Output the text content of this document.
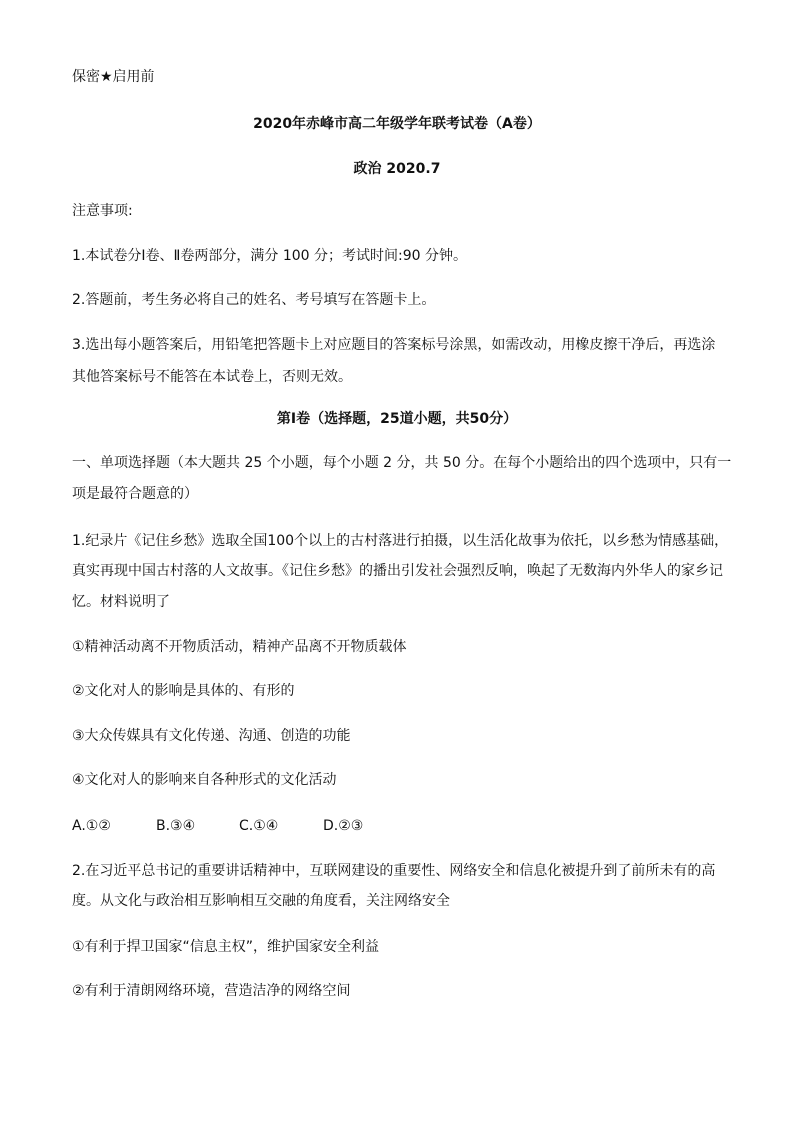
保密★启用前
2020年赤峰市高二年级学年联考试卷（A卷）
政治 2020.7
注意事项:
1.本试卷分Ⅰ卷、Ⅱ卷两部分，满分 100 分；考试时间:90 分钟。
2.答题前，考生务必将自己的姓名、考号填写在答题卡上。
3.选出每小题答案后，用铅笔把答题卡上对应题目的答案标号涂黑，如需改动，用橡皮擦干净后，再选涂
其他答案标号不能答在本试卷上，否则无效。
第Ⅰ卷（选择题，25道小题，共50分）
一、单项选择题（本大题共 25 个小题，每个小题 2 分，共 50 分。在每个小题给出的四个选项中，只有一
项是最符合题意的）
1.纪录片《记住乡愁》选取全国100个以上的古村落进行拍摄，以生活化故事为依托，以乡愁为情感基础，
真实再现中国古村落的人文故事。《记住乡愁》的播出引发社会强烈反响，唤起了无数海内外华人的家乡记
忆。材料说明了
①精神活动离不开物质活动，精神产品离不开物质载体
②文化对人的影响是具体的、有形的
③大众传媒具有文化传递、沟通、创造的功能
④文化对人的影响来自各种形式的文化活动
A.①②	B.③④	C.①④	D.②③
2.在习近平总书记的重要讲话精神中，互联网建设的重要性、网络安全和信息化被提升到了前所未有的高
度。从文化与政治相互影响相互交融的角度看，关注网络安全
①有利于捍卫国家“信息主权”，维护国家安全利益
②有利于清朗网络环境，营造洁净的网络空间
